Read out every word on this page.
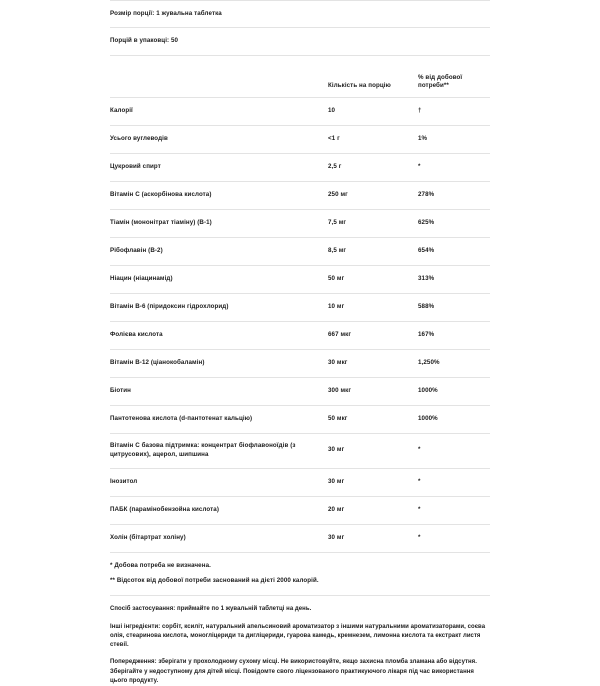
Розмір порції: 1 жувальна таблетка
Порцій в упаковці: 50
	Кількість на порцію	% від добової потреби**
Калорії	10	†
Усього вуглеводів	<1 г	1%
Цукровий спирт	2,5 г	*
Вітамін C (аскорбінова кислота)	250 мг	278%
Тіамін (мононітрат тіаміну) (B-1)	7,5 мг	625%
Рібофлавін (B-2)	8,5 мг	654%
Ніацин (ніацинамід)	50 мг	313%
Вітамін B-6 (піридоксин гідрохлорид)	10 мг	588%
Фолієва кислота	667 мкг	167%
Вітамін B-12 (ціанокобаламін)	30 мкг	1,250%
Біотин	300 мкг	1000%
Пантотенова кислота (d-пантотенат кальцію)	50 мкг	1000%
Вітамін C базова підтримка: концентрат біофлавоноїдів (з цитрусових), ацерол, шипшина	30 мг	*
Інозитол	30 мг	*
ПАБК (парамінобензойна кислота)	20 мг	*
Холін (бітартрат холіну)	30 мг	*
* Добова потреба не визначена.
** Відсоток від добової потреби заснований на дієті 2000 калорій.
Спосіб застосування: приймайте по 1 жувальній таблетці на день.
Інші інгредієнти: сорбіт, ксиліт, натуральний апельсиновий ароматизатор з іншими натуральними ароматизаторами, соєва олія, стеаринова кислота, моногліцериди та дигліцериди, гуарова камедь, кремнезем, лимонна кислота та екстракт листя стевії.
Попередження: зберігати у прохолодному сухому місці. Не використовуйте, якщо захисна пломба зламана або відсутня. Зберігайте у недоступному для дітей місці. Повідомте свого ліцензованого практикуючого лікаря під час використання цього продукту.
